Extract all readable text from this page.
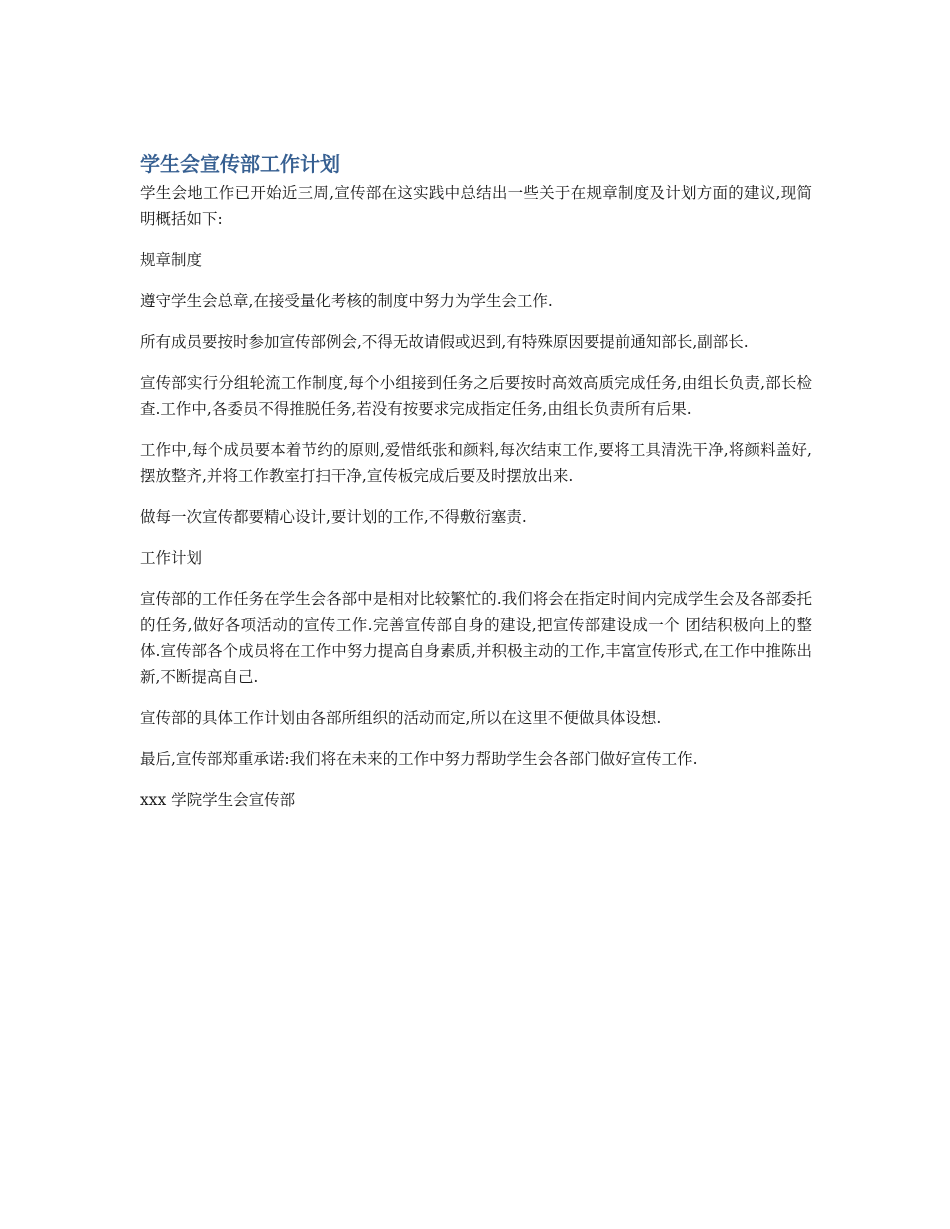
学生会宣传部工作计划

学生会地工作已开始近三周,宣传部在这实践中总结出一些关于在规章制度及计划方面的建议,现简明概括如下:

规章制度

遵守学生会总章,在接受量化考核的制度中努力为学生会工作.

所有成员要按时参加宣传部例会,不得无故请假或迟到,有特殊原因要提前通知部长,副部长.

宣传部实行分组轮流工作制度,每个小组接到任务之后要按时高效高质完成任务,由组长负责,部长检查.工作中,各委员不得推脱任务,若没有按要求完成指定任务,由组长负责所有后果.

工作中,每个成员要本着节约的原则,爱惜纸张和颜料,每次结束工作,要将工具清洗干净,将颜料盖好,摆放整齐,并将工作教室打扫干净,宣传板完成后要及时摆放出来.

做每一次宣传都要精心设计,要计划的工作,不得敷衍塞责.

工作计划

宣传部的工作任务在学生会各部中是相对比较繁忙的.我们将会在指定时间内完成学生会及各部委托的任务,做好各项活动的宣传工作.完善宣传部自身的建设,把宣传部建设成一个 团结积极向上的整体.宣传部各个成员将在工作中努力提高自身素质,并积极主动的工作,丰富宣传形式,在工作中推陈出新,不断提高自己.

宣传部的具体工作计划由各部所组织的活动而定,所以在这里不便做具体设想.

最后,宣传部郑重承诺:我们将在未来的工作中努力帮助学生会各部门做好宣传工作.

xxx 学院学生会宣传部
